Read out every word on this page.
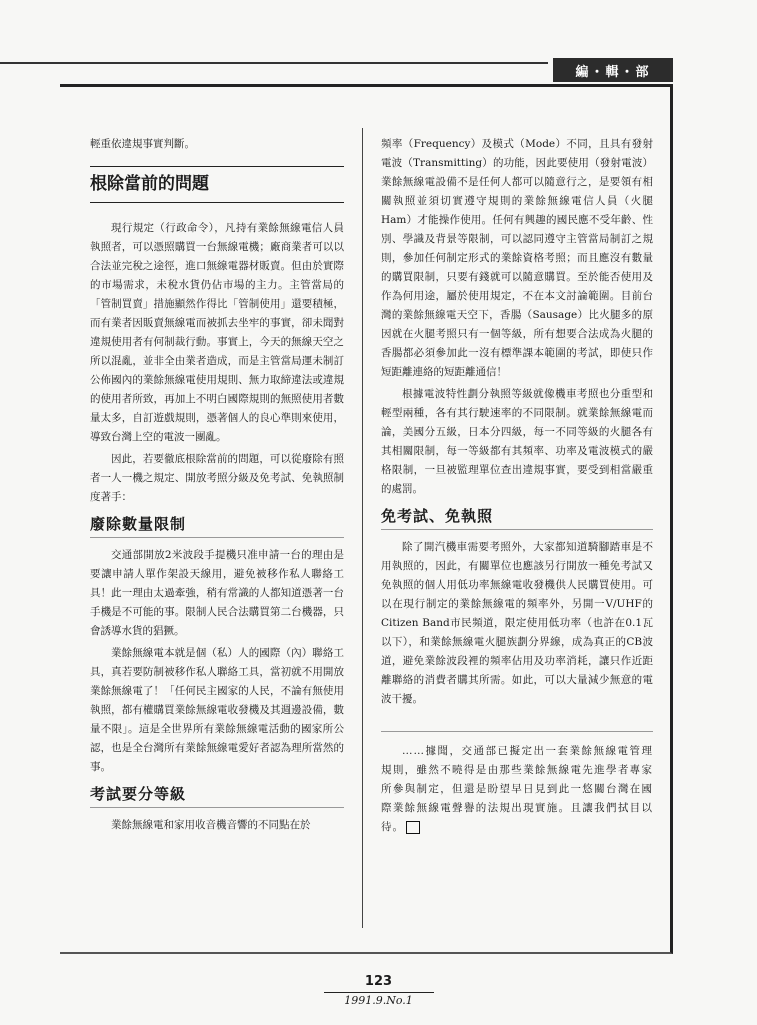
編・輯・部

輕重依違規事實判斷。

根除當前的問題

現行規定（行政命令），凡持有業餘無線電信人員執照者，可以憑照購買一台無線電機；廠商業者可以以合法並完稅之途徑，進口無線電器材販賣。但由於實際的市場需求，未稅水貨仍佔市場的主力。主管當局的「管制買賣」措施顯然作得比「管制使用」還要積極，而有業者因販賣無線電而被抓去坐牢的事實，卻未聞對違規使用者有何制裁行動。事實上，今天的無線天空之所以混亂，並非全由業者造成，而是主管當局運未制訂公佈國內的業餘無線電使用規則、無力取締違法或違規的使用者所致，再加上不明白國際規則的無照使用者數量太多，自訂遊戲規則，憑著個人的良心準則來使用，導致台灣上空的電波一團亂。

因此，若要徹底根除當前的問題，可以從廢除有照者一人一機之規定、開放考照分級及免考試、免執照制度著手：

廢除數量限制

交通部開放2米波段手提機只准申請一台的理由是要讓申請人單作架設天線用，避免被移作私人聯絡工具！此一理由太過牽強，稍有常識的人都知道憑著一台手機是不可能的事。限制人民合法購買第二台機器，只會誘導水貨的猖獗。

業餘無線電本就是個（私）人的國際（內）聯絡工具，真若要防制被移作私人聯絡工具，當初就不用開放業餘無線電了！「任何民主國家的人民，不論有無使用執照，都有權購買業餘無線電收發機及其週邊設備，數量不限」。這是全世界所有業餘無線電活動的國家所公認，也是全台灣所有業餘無線電愛好者認為理所當然的事。

考試要分等級

業餘無線電和家用收音機音響的不同點在於

頻率（Frequency）及模式（Mode）不同，且具有發射電波（Transmitting）的功能，因此要使用（發射電波）業餘無線電設備不是任何人都可以隨意行之，是要領有相關執照並須切實遵守規則的業餘無線電信人員（火腿Ham）才能操作使用。任何有興趣的國民應不受年齡、性別、學識及背景等限制，可以認同遵守主管當局制訂之規則，參加任何制定形式的業餘資格考照；而且應沒有數量的購買限制，只要有錢就可以隨意購買。至於能否使用及作為何用途，屬於使用規定，不在本文討論範圍。目前台灣的業餘無線電天空下，香腸（Sausage）比火腿多的原因就在火腿考照只有一個等級，所有想要合法成為火腿的香腸都必須參加此一沒有標準課本範圍的考試，即使只作短距離連絡的短距離通信！

根據電波特性劃分執照等級就像機車考照也分重型和輕型兩種，各有其行駛速率的不同限制。就業餘無線電而論，美國分五級，日本分四級，每一不同等級的火腿各有其相關限制，每一等級都有其頻率、功率及電波模式的嚴格限制，一旦被監理單位查出違規事實，要受到相當嚴重的處罰。

免考試、免執照

除了開汽機車需要考照外，大家都知道騎腳踏車是不用執照的，因此，有關單位也應該另行開放一種免考試又免執照的個人用低功率無線電收發機供人民購買使用。可以在現行制定的業餘無線電的頻率外，另開一V/UHF的Citizen Band市民頻道，限定使用低功率（也許在0.1瓦以下），和業餘無線電火腿族劃分界線，成為真正的CB波道，避免業餘波段裡的頻率佔用及功率消耗，讓只作近距離聯絡的消費者購其所需。如此，可以大量減少無意的電波干擾。

……據聞，交通部已擬定出一套業餘無線電管理規則，雖然不曉得是由那些業餘無線電先進學者專家所參與制定，但還是盼望早日見到此一悠關台灣在國際業餘無線電聲譽的法規出現實施。且讓我們拭目以待。

123
1991.9.No.1
